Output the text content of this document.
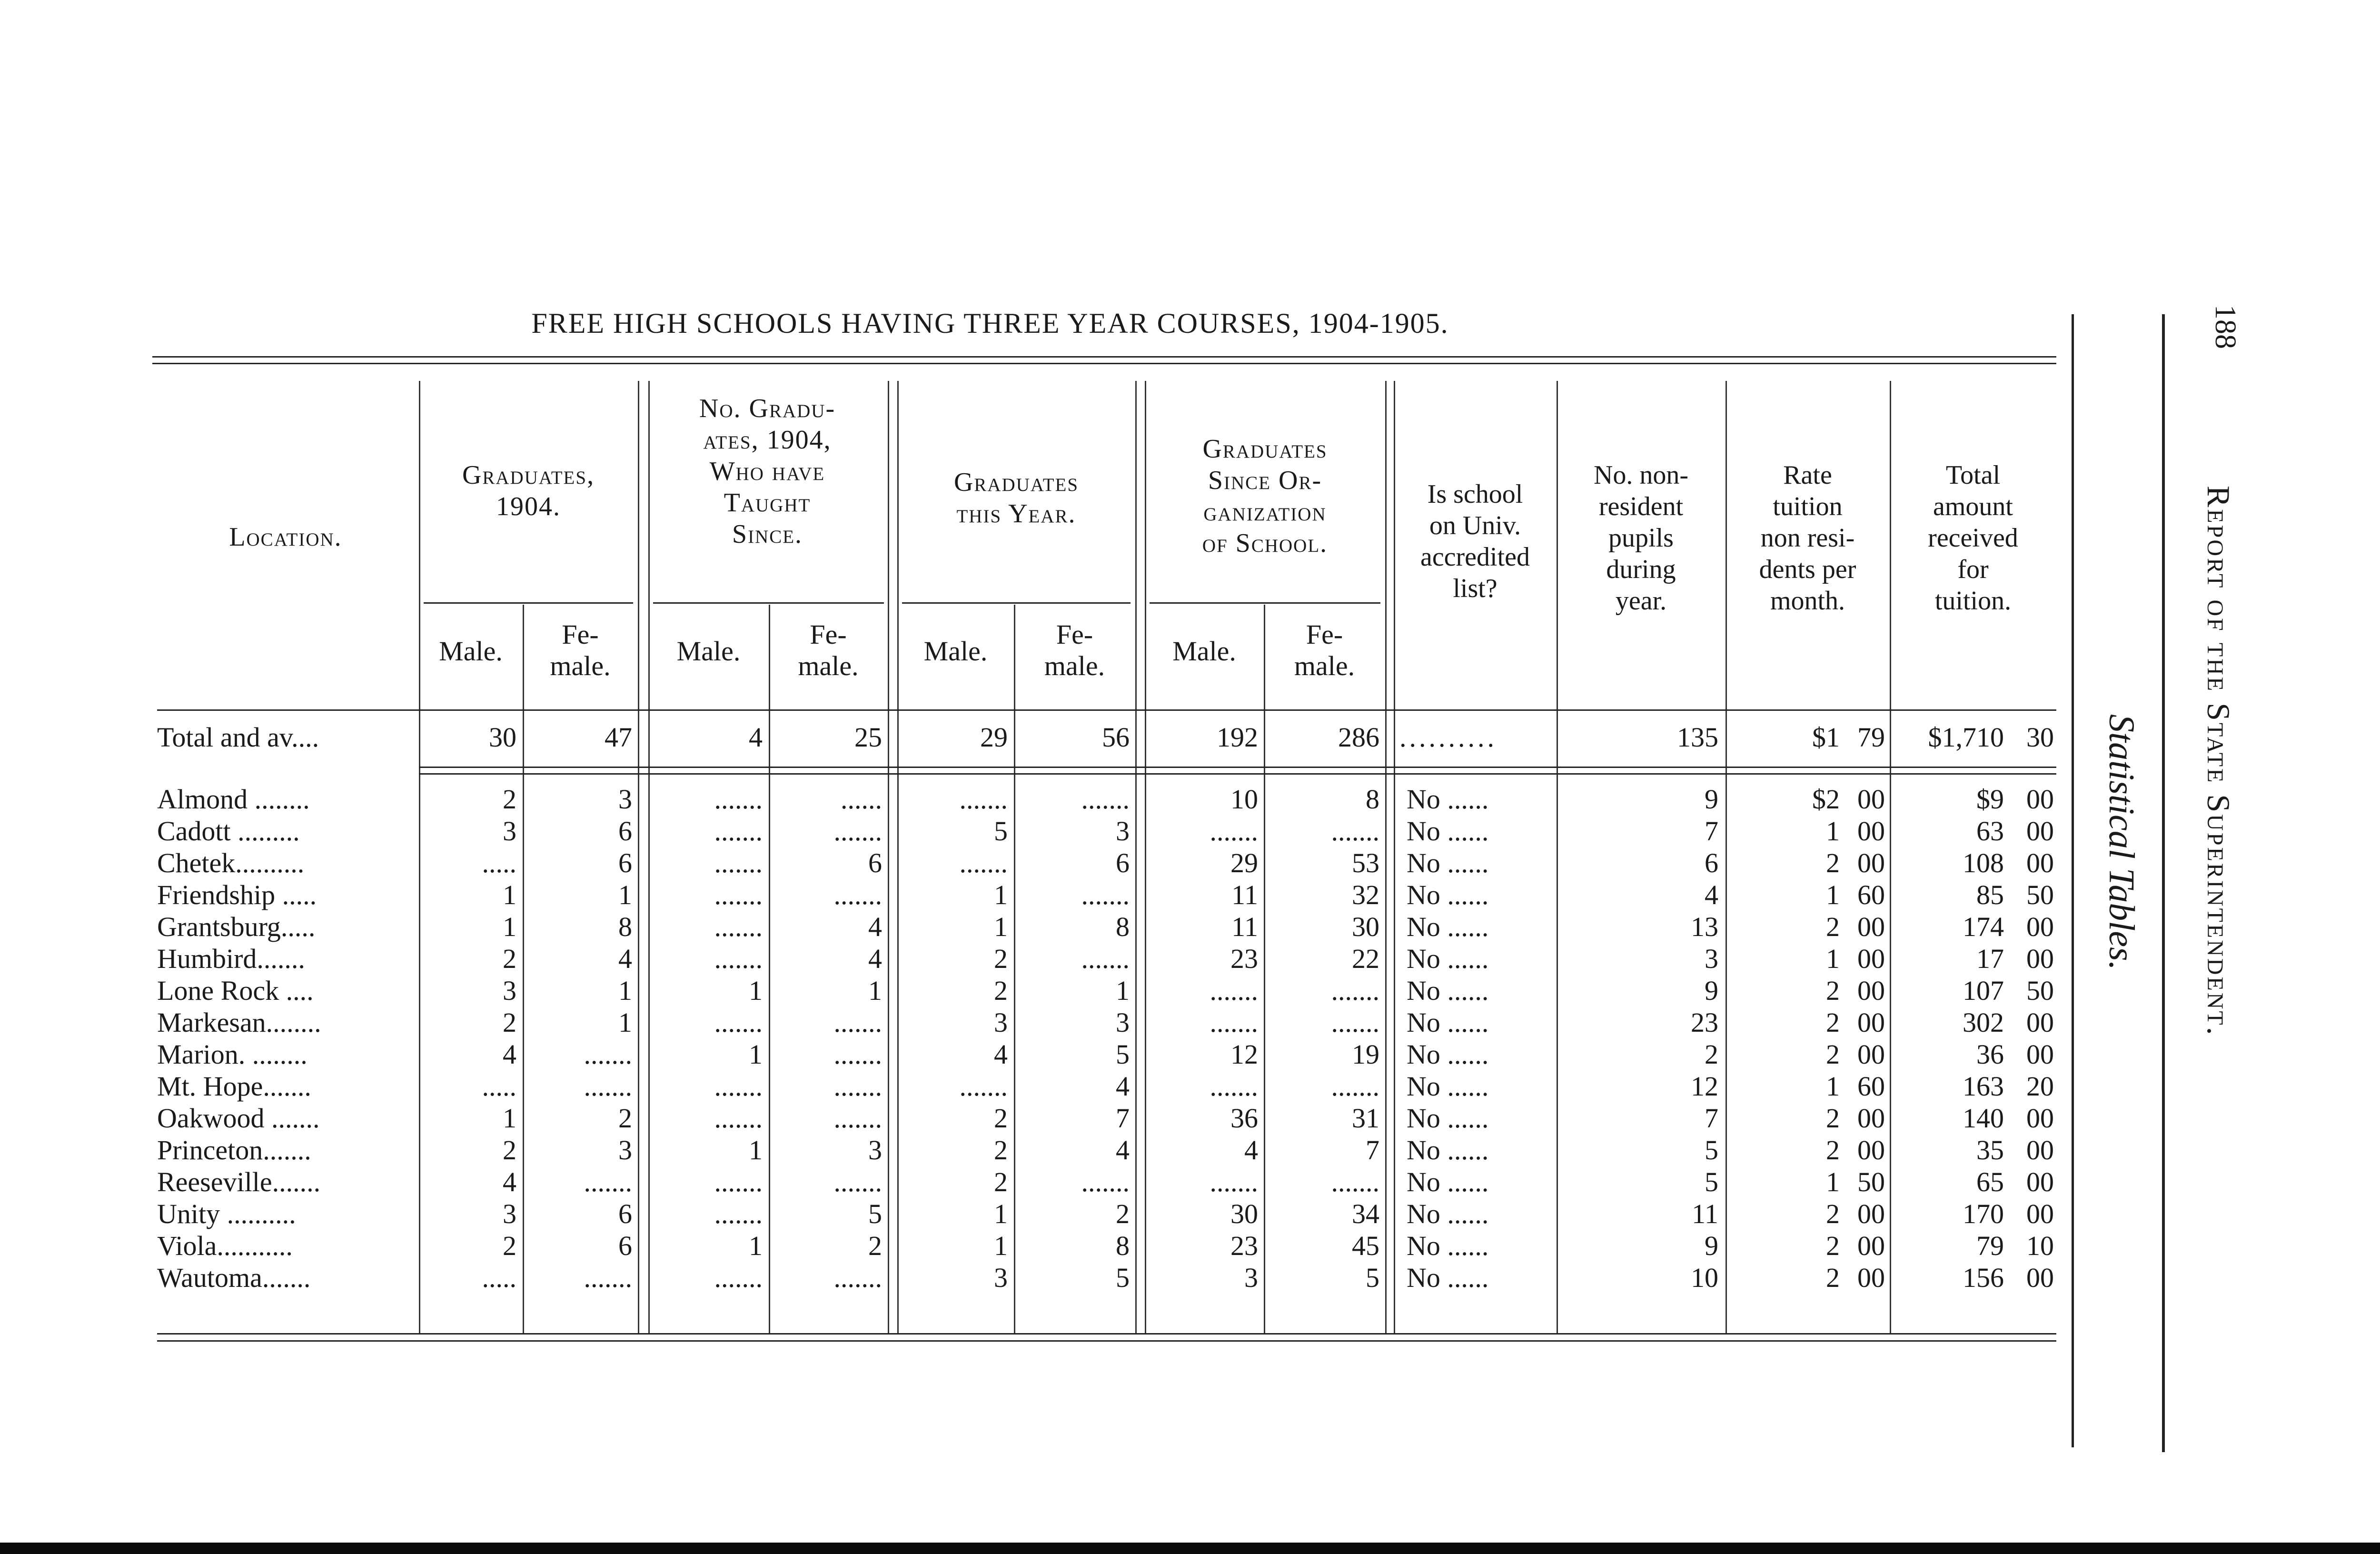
188
Report of the State Superintendent.
Statistical Tables.
FREE HIGH SCHOOLS HAVING THREE YEAR COURSES, 1904-1905.
Location.
Graduates,
1904.
No. Gradu-
ates, 1904,
Who have
Taught
Since.
Graduates
this Year.
Graduates
Since Or-
ganization
of School.
Is school
on Univ.
accredited
list?
No. non-
resident
pupils
during
year.
Rate
tuition
non resi-
dents per
month.
Total
amount
received
for
tuition.
Male.
Fe-
male.	Male.
Fe-
male.	Male.
Fe-
male.	Male.
Fe-
male.
Total and av....	30	47	4	25	29	56	192	286 ..........	135	$1 79	$1,710 30
Almond ........	2	3	.......	......	.......	.......	10	8 No ......	9	$2 00	$9 00
Cadott .........	3	6	.......	.......	5	3	.......	....... No ......	7	1 00	63 00
Chetek..........	.....	6	.......	6	.......	6	29	53 No ......	6	2 00	108 00
Friendship .....	1	1	.......	.......	1	.......	11	32 No ......	4	1 60	85 50
Grantsburg.....	1	8	.......	4	1	8	11	30 No ......	13	2 00	174 00
Humbird.......	2	4	.......	4	2	.......	23	22 No ......	3	1 00	17 00
Lone Rock ....	3	1	1	1	2	1	.......	....... No ......	9	2 00	107 50
Markesan........	2	1	.......	.......	3	3	.......	....... No ......	23	2 00	302 00
Marion. ........	4	.......	1	.......	4	5	12	19 No ......	2	2 00	36 00
Mt. Hope.......	.....	.......	.......	.......	.......	4	.......	....... No ......	12	1 60	163 20
Oakwood .......	1	2	.......	.......	2	7	36	31 No ......	7	2 00	140 00
Princeton.......	2	3	1	3	2	4	4	7 No ......	5	2 00	35 00
Reeseville.......	4	.......	.......	.......	2	.......	.......	....... No ......	5	1 50	65 00
Unity ..........	3	6	.......	5	1	2	30	34 No ......	11	2 00	170 00
Viola...........	2	6	1	2	1	8	23	45 No ......	9	2 00	79 10
Wautoma.......	.....	.......	.......	.......	3	5	3	5 No ......	10	2 00	156 00
